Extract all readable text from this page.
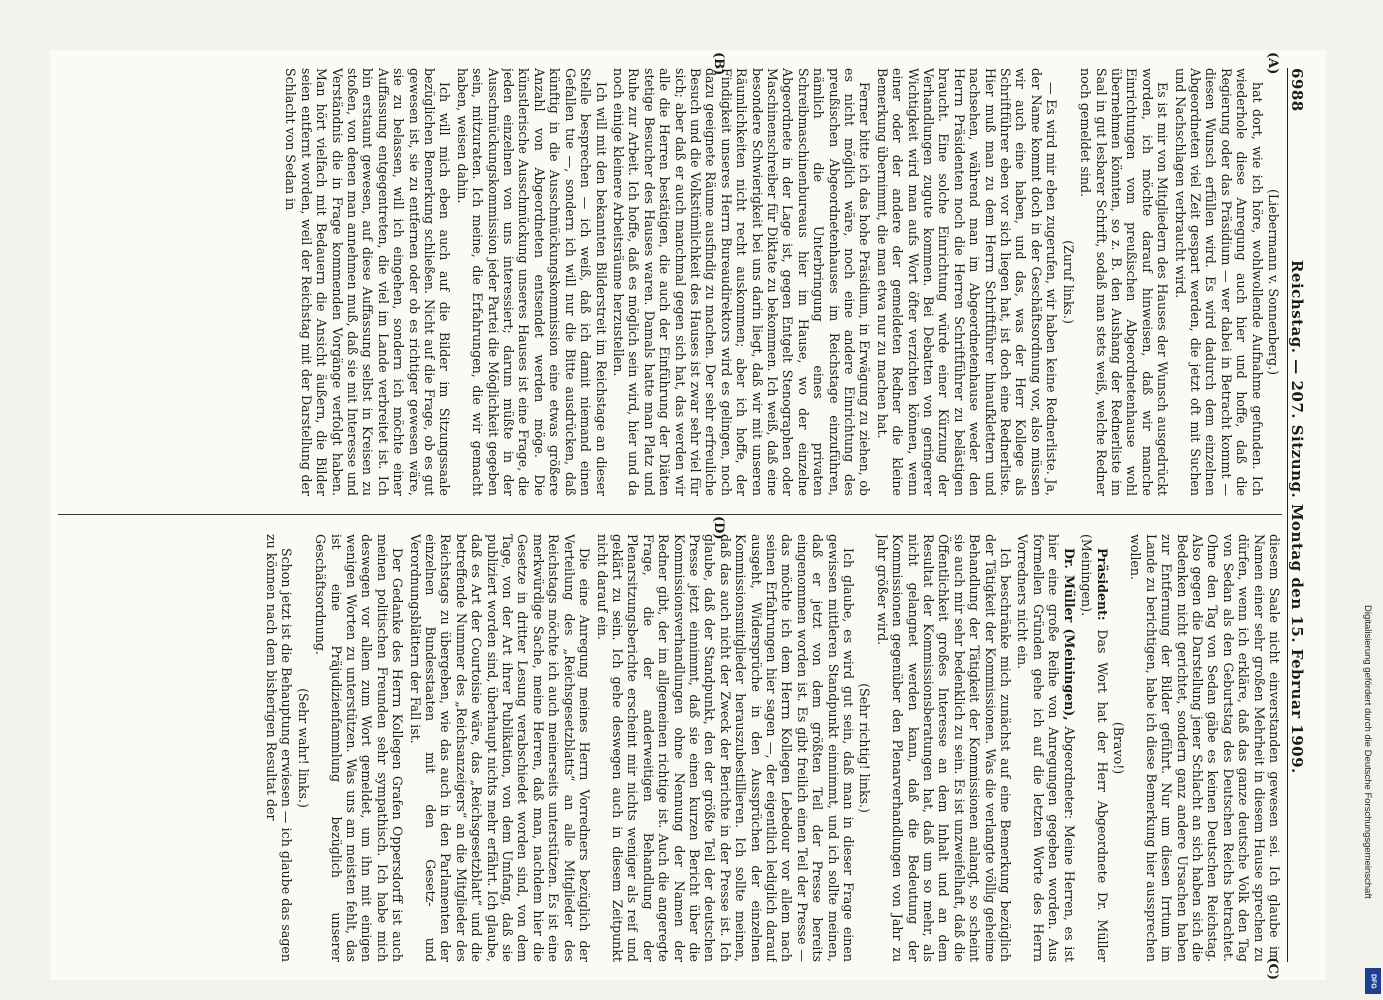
6988
Reichstag. — 207. Sitzung. Montag den 15. Februar 1909.

(Liebermann v. Sonnenberg.)

hat dort, wie ich höre, wohlwollende Aufnahme gefunden. Ich wiederhole diese Anregung auch hier und hoffe, daß die Regierung oder das Präsidium — wer dabei in Betracht kommt — diesen Wunsch erfüllen wird. Es wird dadurch dem einzelnen Abgeordneten viel Zeit gespart werden, die jetzt oft mit Suchen und Nachschlagen verbraucht wird.

Es ist mir von Mitgliedern des Hauses der Wunsch ausgedrückt worden, ich möchte darauf hinweisen, daß wir manche Einrichtungen vom preußischen Abgeordnetenhause wohl übernehmen könnten, so z. B. den Aushang der Rednerliste im Saal in gut lesbarer Schrift, sodaß man stets weiß, welche Redner noch gemeldet sind.

(Zuruf links.)

— Es wird mir eben zugerufen, wir haben keine Rednerliste. Ja, der Name kommt doch in der Geschäftsordnung vor, also müssen wir auch eine haben, und das, was der Herr Kollege als Schriftführer eben vor sich liegen hat, ist doch eine Rednerliste. Hier muß man zu dem Herrn Schriftführer hinaufklettern und nachsehen, während man im Abgeordnetenhause weder den Herrn Präsidenten noch die Herren Schriftführer zu belästigen braucht. Eine solche Einrichtung würde einer Kürzung der Verhandlungen zugute kommen. Bei Debatten von geringerer Wichtigkeit wird man aufs Wort öfter verzichten können, wenn einer oder der andere der gemeldeten Redner die kleine Bemerkung übernimmt, die man etwa nur zu machen hat.

Ferner bitte ich das hohe Präsidium, in Erwägung zu ziehen, ob es nicht möglich wäre, noch eine andere Einrichtung des preußischen Abgeordnetenhauses im Reichstage einzuführen, nämlich die Unterbringung eines privaten Schreibmaschinenbureaus hier im Hause, wo der einzelne Abgeordnete in der Lage ist, gegen Entgelt Stenographen oder Maschinenschreiber für Diktate zu bekommen. Ich weiß, daß eine besondere Schwierigkeit bei uns darin liegt, daß wir mit unseren Räumlichkeiten nicht recht auskommen; aber ich hoffe, der Findigkeit unseres Herrn Bureaudirektors wird es gelingen, noch dazu geeignete Räume ausfindig zu machen. Der sehr erfreuliche Besuch und die Volkstümlichkeit des Hauses ist zwar sehr viel für sich; aber daß er auch manchmal gegen sich hat, das werden wir alle die Herren bestätigen, die auch der Einführung der Diäten stetige Besucher des Hauses waren. Damals hatte man Platz und Ruhe zur Arbeit. Ich hoffe, daß es möglich sein wird, hier und da noch einige kleinere Arbeitsräume herzustellen.

Ich will mit den bekannten Bilderstreit im Reichstage an dieser Stelle besprechen — ich weiß, daß ich damit niemand einen Gefallen tue —, sondern ich will nur die Bitte ausdrücken, daß künftig in die Ausschmückungskommission eine etwas größere Anzahl von Abgeordneten entsendet werden möge. Die künstlerische Ausschmückung unseres Hauses ist eine Frage, die jeden einzelnen von uns interessiert; darum müßte in der Ausschmückungskommission jeder Partei die Möglichkeit gegeben sein, mitzuraten. Ich meine, die Erfahrungen, die wir gemacht haben, weisen dahin.

Ich will mich eben auch auf die Bilder im Sitzungssaale bezüglichen Bemerkung schließen. Nicht auf die Frage, ob es gut gewesen ist, sie zu entfernen oder ob es richtiger gewesen wäre, sie zu belassen, will ich eingehen, sondern ich möchte einer Auffassung entgegentreten, die viel im Lande verbreitet ist. Ich bin erstaunt gewesen, auf diese Auffassung selbst in Kreisen zu stoßen, von denen man annehmen muß, daß sie mit Interesse und Verständnis die in Frage kommenden Vorgänge verfolgt haben. Man hört vielfach mit Bedauern die Ansicht äußern, die Bilder seien entfernt worden, weil der Reichstag mit der Darstellung der Schlacht von Sedan in

diesem Saale nicht einverstanden gewesen sei. Ich glaube im Namen einer sehr großen Mehrheit in diesem Hause sprechen zu dürfen, wenn ich erkläre, daß das ganze deutsche Volk den Tag von Sedan als den Geburtstag des Deutschen Reichs betrachtet. Ohne den Tag von Sedan gäbe es keinen Deutschen Reichstag. Also gegen die Darstellung jener Schlacht an sich haben sich die Bedenken nicht gerichtet, sondern ganz andere Ursachen haben zur Entfernung der Bilder geführt. Nur um diesen Irrtum im Lande zu berichtigen, habe ich diese Bemerkung hier aussprechen wollen.

(Bravo!)

Präsident: Das Wort hat der Herr Abgeordnete Dr. Müller (Meiningen).

Dr. Müller (Meiningen), Abgeordneter: Meine Herren, es ist hier eine große Reihe von Anregungen gegeben worden. Aus formellen Gründen gehe ich auf die letzten Worte des Herrn Vorredners nicht ein.

Ich beschränke mich zunächst auf eine Bemerkung bezüglich der Tätigkeit der Kommissionen. Was die verlangte völlig geheime Behandlung der Tätigkeit der Kommissionen anlangt, so scheint sie auch mir sehr bedenklich zu sein. Es ist unzweifelhaft, daß die Öffentlichkeit großes Interesse an dem Inhalt und an dem Resultat der Kommissionsberatungen hat, daß um so mehr, als nicht gelangnet werden kann, daß die Bedeutung der Kommissionen gegenüber den Plenarverhandlungen von Jahr zu Jahr größer wird.

(Sehr richtig! links.)

Ich glaube, es wird gut sein, daß man in dieser Frage einen gewissen mittleren Standpunkt einnimmt, und ich sollte meinen, daß er jetzt von dem größten Teil der Presse bereits eingenommen worden ist. Es gibt freilich einen Teil der Presse — das möchte ich dem Herrn Kollegen Lebedour vor allem nach seinen Erfahrungen hier sagen —, der eigentlich lediglich darauf ausgeht, Widersprüche in den Aussprüchen der einzelnen Kommissionsmitglieder herauszubestillieren. Ich sollte meinen, daß das auch nicht der Zweck der Berichte in der Presse ist. Ich glaube, daß der Standpunkt, den der größte Teil der deutschen Presse jetzt einnimmt, daß sie einen kurzen Bericht über die Kommissionsverhandlungen ohne Nennung der Namen der Redner gibt, der im allgemeinen richtige ist. Auch die angeregte Frage, die der anderweitigen Behandlung der Plenarsitzungsberichte erscheint mir nichts weniger als reif und geklärt zu sein. Ich gehe deswegen auch in diesem Zeitpunkt nicht darauf ein.

Die eine Anregung meines Herrn Vorredners bezüglich der Verteilung des „Reichsgesetzblatts“ an alle Mitglieder des Reichstags möchte ich auch meinerseits unterstützen. Es ist eine merkwürdige Sache, meine Herren, daß man, nachdem hier die Gesetze in dritter Lesung verabschiedet worden sind, von dem Tage, von der Art ihrer Publikation, von dem Umfang, daß sie publiziert worden sind, überhaupt nichts mehr erfährt. Ich glaube, daß es Art der Courtoisie wäre, das „Reichsgesetzblatt“ und die betreffende Nummer des „Reichsanzeigers“ an die Mitglieder des Reichstags zu übergeben, wie das auch in den Parlamenten der einzelnen Bundesstaaten mit den Gesetz- und Verordnungsblättern der Fall ist.

Der Gedanke des Herrn Kollegen Grafen Oppersdorff ist auch meinen politischen Freunden sehr sympathisch. Ich habe mich deswegen vor allem zum Wort gemeldet, um ihn mit einigen wenigen Worten zu unterstützen. Was uns am meisten fehlt, das ist eine Präjudizienfammlung bezüglich unserer Geschäftsordnung.

(Sehr wahr! links.)

Schon jetzt ist die Behauptung erwiesen — ich glaube das sagen zu können nach dem bisherigen Resultat der

(A)
(B)
(C)
(D)
Digitalisierung gefördert durch die Deutsche Forschungsgemeinschaft
DFG
